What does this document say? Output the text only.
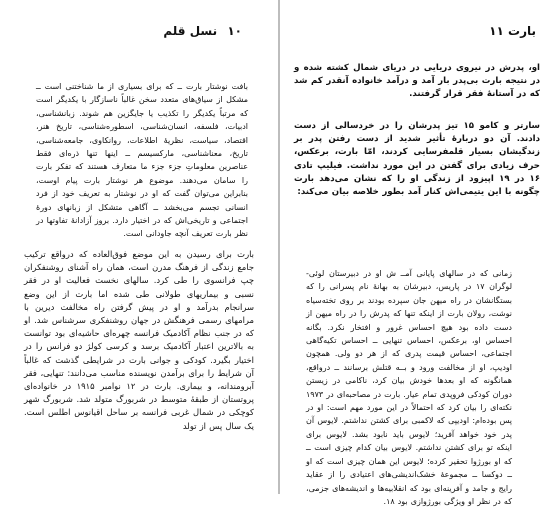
۱۰ نسل قلم
بافت نوشتار بارت ــ که برای بسیاری از ما شناختنی است ــ مشکل از سیاق‌های متعدد سخن غالباً ناسازگار با یکدیگر است که مرتباً یکدیگر را تکذیب یا جایگزین هم شوند. زبانشناسی، ادبیات، فلسفه، انسان‌شناسی، اسطوره‌شناسی، تاریخ هنر، اقتصاد، سیاست، نظریهٔ اطلاعات، روانکاوی، جامعه‌شناسی، تاریخ، معناشناسی، مارکسیسم ــ اینها تنها ذره‌ای فقط عناصرین معلوماتِ جزء جزء ما متعارف هستند که تفکر بارت را سامان می‌دهند. موضوع هر نوشتار بارت پیام اوست، بنابراین می‌توان گفت که او در نوشتار به تعریف خود از فرد انسانی تجسم می‌بخشد ــ آگاهی متشکل از زبانهای دورهٔ اجتماعی و تاریخی‌اش که در اختیار دارد. بروز آزادانهٔ تفاوتها در نظر بارت تعریف آنچه جاودانی است.
بارت برای رسیدن به این موضع فوق‌العاده که درواقع ترکیب جامع زندگی از فرهنگ مدرن است، همان راه آشنای روشنفکران چپ فرانسوی را طی کرد. سالهای نخست فعالیت او در فقر نسبی و بیماریهای طولانی طی شده اما بارت از این وضع سرانجام بدرآمد و او در پیش گرفتن راه مخالفت دیرین با مرامهای رسمی فرهنگش در جهان روشنفکری سرشناس شد. او که در جنب نظام آکادمیک فرانسه چهره‌ای حاشیه‌ای بود توانست به بالاترین اعتبار آکادمیک برسد و کرسی کولژ دو فرانس را در اختیار بگیرد. کودکی و جوانی بارت در شرایطی گذشت که غالباً آن شرایط را برای برآمدن نویسنده مناسب می‌دانند: تنهایی، فقر آبرومندانه، و بیماری. بارت در ۱۲ نوامبر ۱۹۱۵ در خانواده‌ای پروتستان از طبقهٔ متوسط در شربورگ متولد شد. شربورگ شهر کوچکی در شمال غربی فرانسه بر ساحل اقیانوس اطلس است. یک سال پس از تولد
بارت ۱۱
او، پدرش در نیروی دریایی در دریای شمال کشته شده و در نتیجه بارت بی‌پدر بار آمد و درآمد خانواده آنقدر کم شد که در آستانهٔ فقر قرار گرفتند.
سارتر و کامو ۱۵ تیز پدرشان را در خردسالی از دست دادند. آن دو دربارهٔ تأثیر شدید از دست رفتن پدر بر زندگیشان بسیار قلمفرسایی کردند، امّا بارت، برعکس، حرف زیادی برای گفتن در این مورد نداشت. فیلیپ تادی ۱۶ در ۱۹ اپیزود از زندگی او را که نشان می‌دهد بارت چگونه با این یتیمی‌اش کنار آمد بطور خلاصه بیان می‌کند:
زمانی که در سالهای پایانی آمــ ش او در دبیرستان لوئی-لوگران ۱۷ در پاریس، دبیرشان به بهانهٔ نام پسرانی را که بستگانشان در راه میهن جان سپرده بودند بر روی تخته‌سیاه نوشت، رولان بارت از اینکه تنها که پدرش را در راه میهن از دست داده بود هیچ احساس غرور و افتخار نکرد. بگانه احساس او، برعکس، احساس تنهایی ــ احساس تکیه‌گاهی اجتماعی، احساس قیمت پدری که از هر دو ولی. همچون اودیپ، او از مخالفت ورود و بــه قتلش برسانند ــ درواقع، همانگونه که او بعدها خودش بیان کرد، ناکامی در زیستن دوران کودکی فروپدی تمام عیار. بارت در مصاحبه‌ای در ۱۹۷۳ نکته‌ای را بیان کرد که احتمالاً در این مورد مهم است: او در پس بوده‌ام: اودیپی که لاکمبی برای کشتن نداشتم. لایوس آن پدر خود خواهد آفرید؛ لایوس باید نابود بشد. لایوس برای اینکه تو برای کشتن نداشتم. لایوس بیان کدام چیزی است ــ که او بورژوا تحقیر کرده؛ لایوس این همان چیزی است که او ــ دوکسا ــ مجموعهٔ خشک‌اندیشی‌های اعتیادی را از عقاید رایج و جامد و آفرینه‌ای بود که انقلابیه‌ها و اندیشه‌های جزمی، که در نظر او ویژگی بورژوازی بود ۱۸.
